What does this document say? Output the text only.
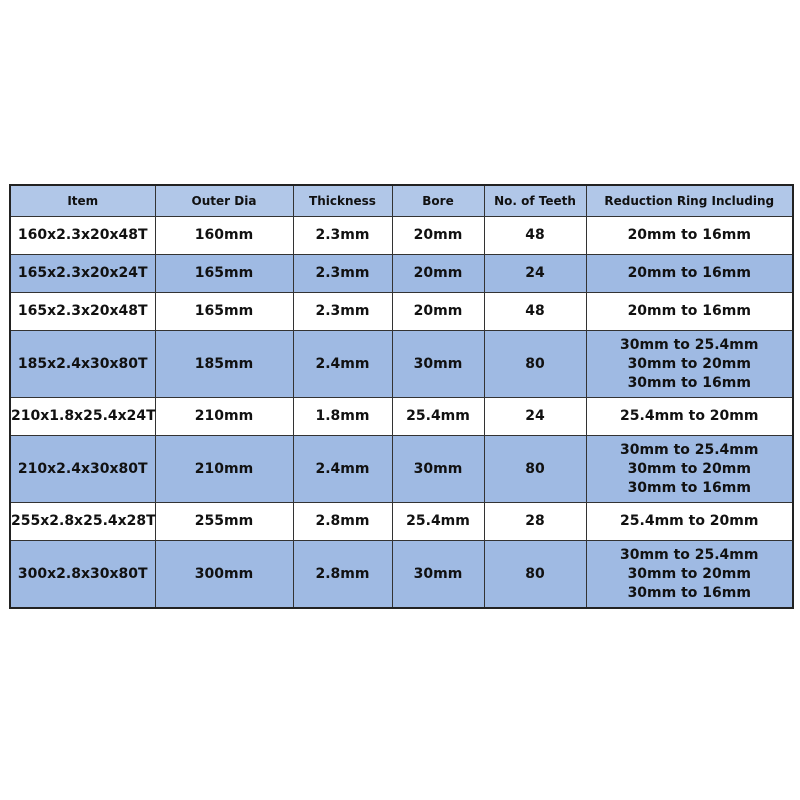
Item	Outer Dia	Thickness	Bore	No. of Teeth	Reduction Ring Including
160x2.3x20x48T	160mm	2.3mm	20mm	48	20mm to 16mm

165x2.3x20x24T	165mm	2.3mm	20mm	24	20mm to 16mm

165x2.3x20x48T	165mm	2.3mm	20mm	48	20mm to 16mm

185x2.4x30x80T	185mm	2.4mm	30mm	80	30mm to 25.4mm
30mm to 20mm
30mm to 16mm

210x1.8x25.4x24T	210mm	1.8mm	25.4mm	24	25.4mm to 20mm

210x2.4x30x80T	210mm	2.4mm	30mm	80	30mm to 25.4mm
30mm to 20mm
30mm to 16mm

255x2.8x25.4x28T	255mm	2.8mm	25.4mm	28	25.4mm to 20mm

300x2.8x30x80T	300mm	2.8mm	30mm	80	30mm to 25.4mm
30mm to 20mm
30mm to 16mm
